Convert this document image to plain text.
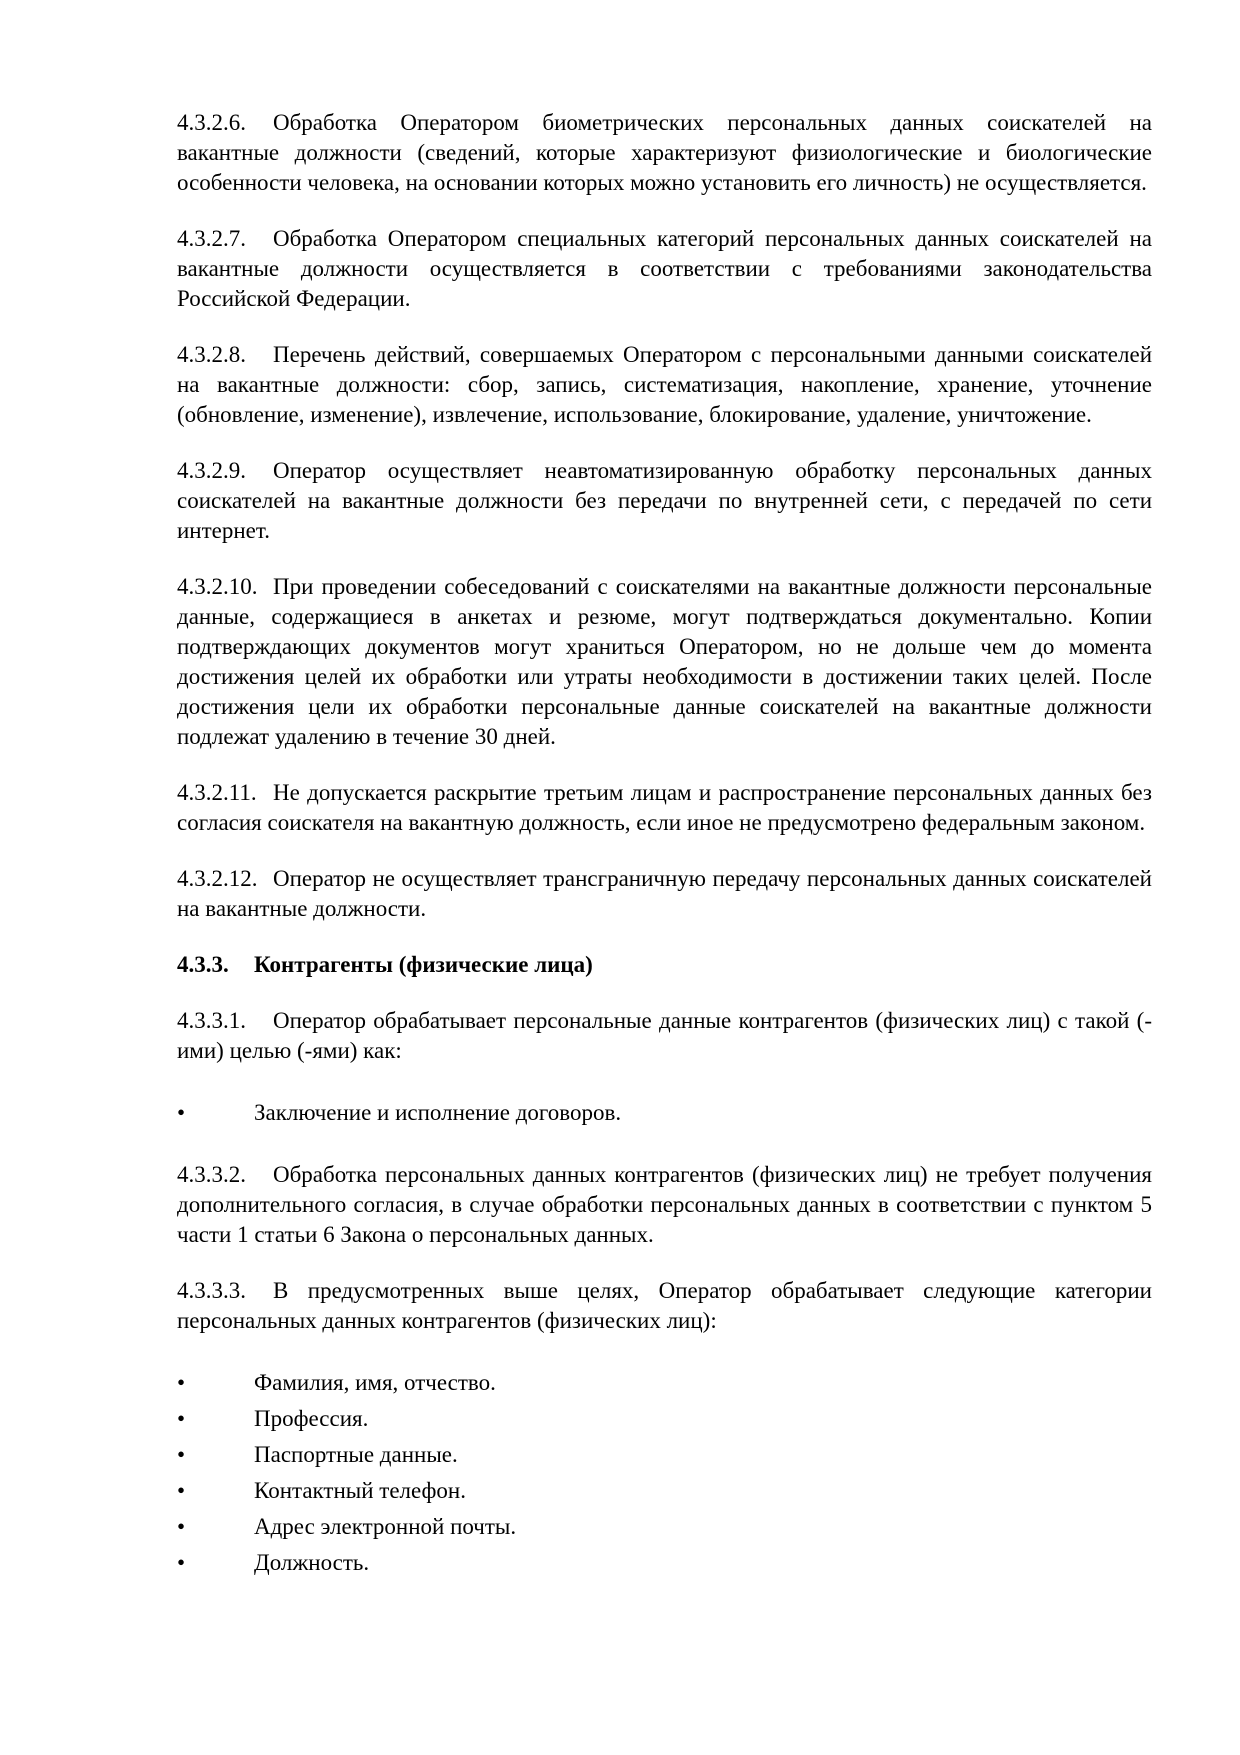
4.3.2.6. Обработка Оператором биометрических персональных данных соискателей на вакантные должности (сведений, которые характеризуют физиологические и биологические особенности человека, на основании которых можно установить его личность) не осуществляется.

4.3.2.7. Обработка Оператором специальных категорий персональных данных соискателей на вакантные должности осуществляется в соответствии с требованиями законодательства Российской Федерации.

4.3.2.8. Перечень действий, совершаемых Оператором с персональными данными соискателей на вакантные должности: сбор, запись, систематизация, накопление, хранение, уточнение (обновление, изменение), извлечение, использование, блокирование, удаление, уничтожение.

4.3.2.9. Оператор осуществляет неавтоматизированную обработку персональных данных соискателей на вакантные должности без передачи по внутренней сети, с передачей по сети интернет.

4.3.2.10. При проведении собеседований с соискателями на вакантные должности персональные данные, содержащиеся в анкетах и резюме, могут подтверждаться документально. Копии подтверждающих документов могут храниться Оператором, но не дольше чем до момента достижения целей их обработки или утраты необходимости в достижении таких целей. После достижения цели их обработки персональные данные соискателей на вакантные должности подлежат удалению в течение 30 дней.

4.3.2.11. Не допускается раскрытие третьим лицам и распространение персональных данных без согласия соискателя на вакантную должность, если иное не предусмотрено федеральным законом.

4.3.2.12. Оператор не осуществляет трансграничную передачу персональных данных соискателей на вакантные должности.

4.3.3. Контрагенты (физические лица)

4.3.3.1. Оператор обрабатывает персональные данные контрагентов (физических лиц) с такой (-ими) целью (-ями) как:

•	Заключение и исполнение договоров.

4.3.3.2. Обработка персональных данных контрагентов (физических лиц) не требует получения дополнительного согласия, в случае обработки персональных данных в соответствии с пунктом 5 части 1 статьи 6 Закона о персональных данных.

4.3.3.3. В предусмотренных выше целях, Оператор обрабатывает следующие категории персональных данных контрагентов (физических лиц):

•	Фамилия, имя, отчество.

•	Профессия.

•	Паспортные данные.

•	Контактный телефон.

•	Адрес электронной почты.

•	Должность.
